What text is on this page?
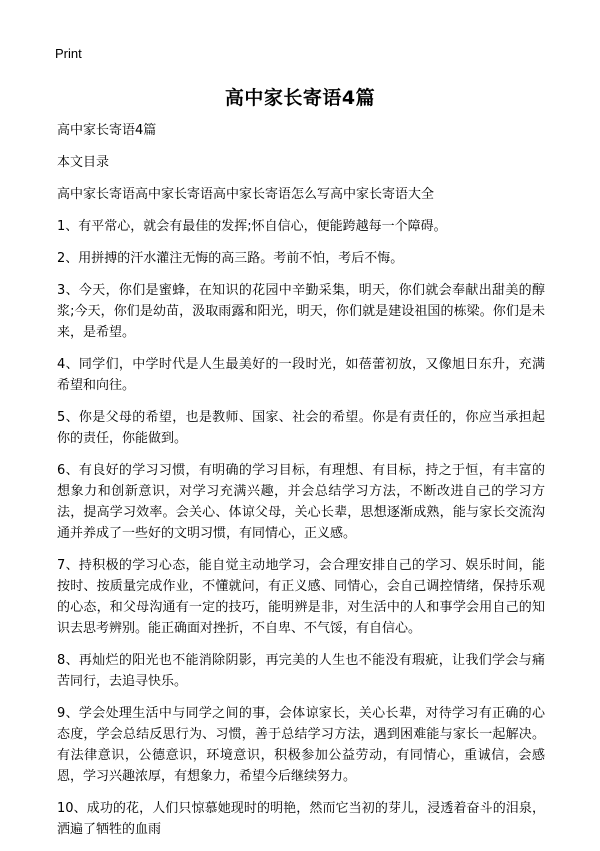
Print
高中家长寄语4篇

高中家长寄语4篇

本文目录

高中家长寄语高中家长寄语高中家长寄语怎么写高中家长寄语大全

1、有平常心，就会有最佳的发挥;怀自信心，便能跨越每一个障碍。

2、用拼搏的汗水灌注无悔的高三路。考前不怕，考后不悔。

3、今天，你们是蜜蜂，在知识的花园中辛勤采集，明天，你们就会奉献出甜美的醇浆;今天，你们是幼苗，汲取雨露和阳光，明天，你们就是建设祖国的栋梁。你们是未来，是希望。

4、同学们，中学时代是人生最美好的一段时光，如蓓蕾初放，又像旭日东升，充满希望和向往。

5、你是父母的希望，也是教师、国家、社会的希望。你是有责任的，你应当承担起你的责任，你能做到。

6、有良好的学习习惯，有明确的学习目标，有理想、有目标，持之于恒，有丰富的想象力和创新意识，对学习充满兴趣，并会总结学习方法，不断改进自己的学习方法，提高学习效率。会关心、体谅父母，关心长辈，思想逐渐成熟，能与家长交流沟通并养成了一些好的文明习惯，有同情心，正义感。

7、持积极的学习心态，能自觉主动地学习，会合理安排自己的学习、娱乐时间，能按时、按质量完成作业，不懂就问，有正义感、同情心，会自己调控情绪，保持乐观的心态，和父母沟通有一定的技巧，能明辨是非，对生活中的人和事学会用自己的知识去思考辨别。能正确面对挫折，不自卑、不气馁，有自信心。

8、再灿烂的阳光也不能消除阴影，再完美的人生也不能没有瑕疵，让我们学会与痛苦同行，去追寻快乐。

9、学会处理生活中与同学之间的事，会体谅家长，关心长辈，对待学习有正确的心态度，学会总结反思行为、习惯，善于总结学习方法，遇到困难能与家长一起解决。有法律意识，公德意识，环境意识，积极参加公益劳动，有同情心，重诚信，会感恩，学习兴趣浓厚，有想象力，希望今后继续努力。

10、成功的花，人们只惊慕她现时的明艳，然而它当初的芽儿，浸透着奋斗的泪泉，洒遍了牺牲的血雨
